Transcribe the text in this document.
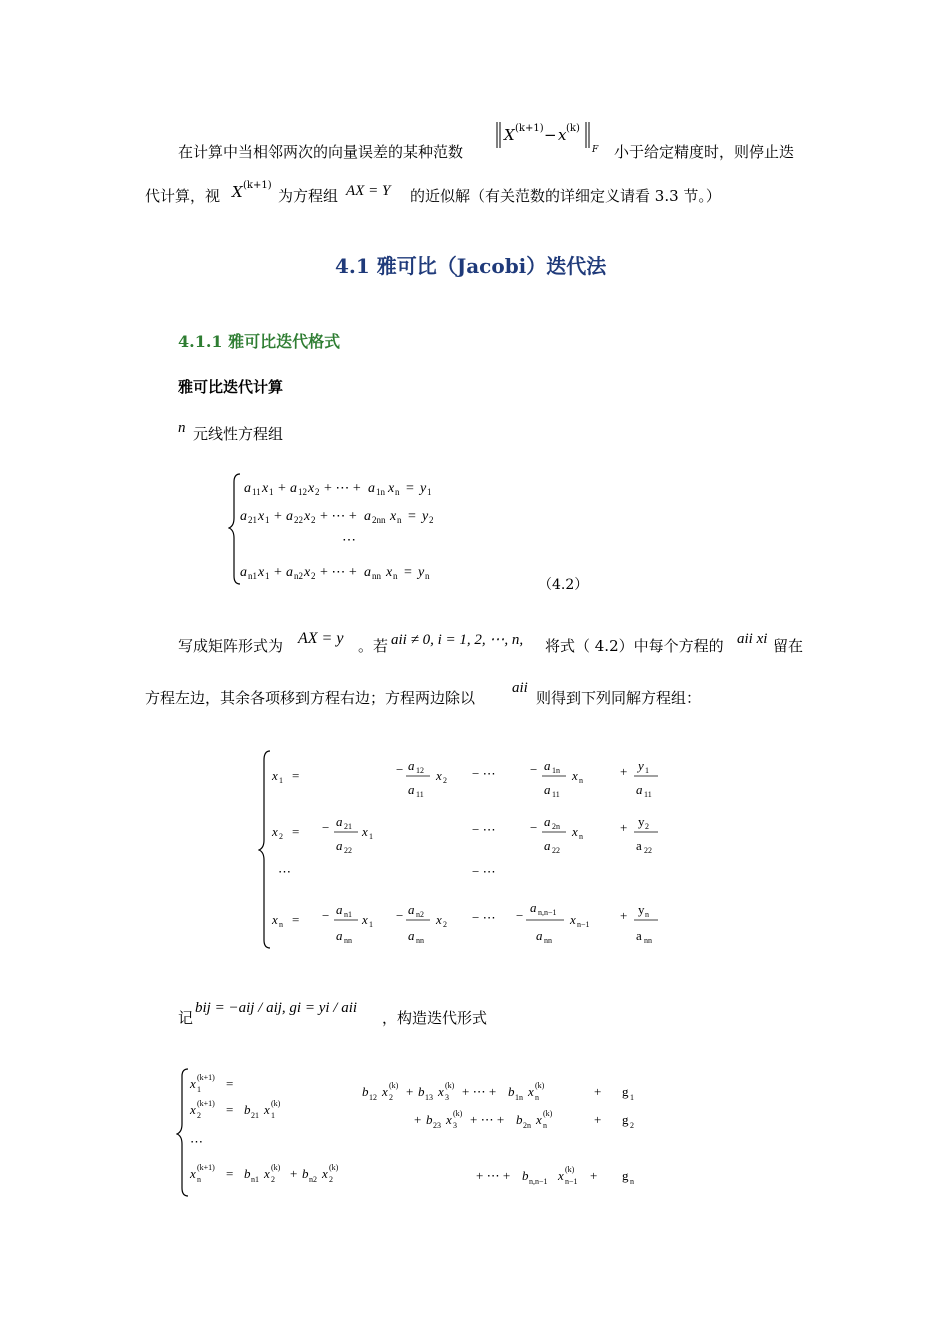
在计算中当相邻两次的向量误差的某种范数
X (k+1) − x (k)
F 小于给定精度时，则停止迭
代计算，视 X (k+1)
为方程组 AX = Y 的近似解（有关范数的详细定义请看 3.3 节。）
4.1 雅可比（Jacobi）迭代法
4.1.1 雅可比迭代格式
雅可比迭代计算
n 元线性方程组
a 11 x 1 + a 12 x 2 + ⋯ + a 1n x n = y 1
a 21 x 1 + a 22 x 2 + ⋯ + a 2nn x n = y 2
⋯
a n1 x 1 + a n2 x 2 + ⋯ + a nn x n = y n
（4.2）
写成矩阵形式为 AX = y 。若 aii ≠ 0, i = 1, 2, ⋯, n, 将式（ 4.2）中每个方程的 aii xi 留在
方程左边，其余各项移到方程右边；方程两边除以
aii
则得到下列同解方程组：
x 1 =	− a 12
a 11
x 2 − ⋯	− a 1n
a 11
x n
+ y 1
a 11
x 2 = − a 21
a 22
x 1	− ⋯	− a 2n
a 22
x n
+ y 2
a 22
⋯	− ⋯
x n = − a n1
a nn
x 1
− a n2
a nn
x 2 − ⋯ −
a n,n−1
a nn
x n−1
+ y n
a nn
记
bij = −aij / aij, gi = yi / aii
，构造迭代形式
x 1
(k+1) =
b 12 x 2
(k) + b 13 x 3
(k) + ⋯ + b 1n x n
(k)	+ g 1
x 2
(k+1) = b 21 x 1
(k)
+ b 23 x 3
(k) + ⋯ + b 2n x n
(k)	+ g 2
⋯
x n
(k+1) = b n1 x 2
(k) + b n2 x 2
(k)
+ ⋯ + b n,n−1 x n−1
(k) + g n
